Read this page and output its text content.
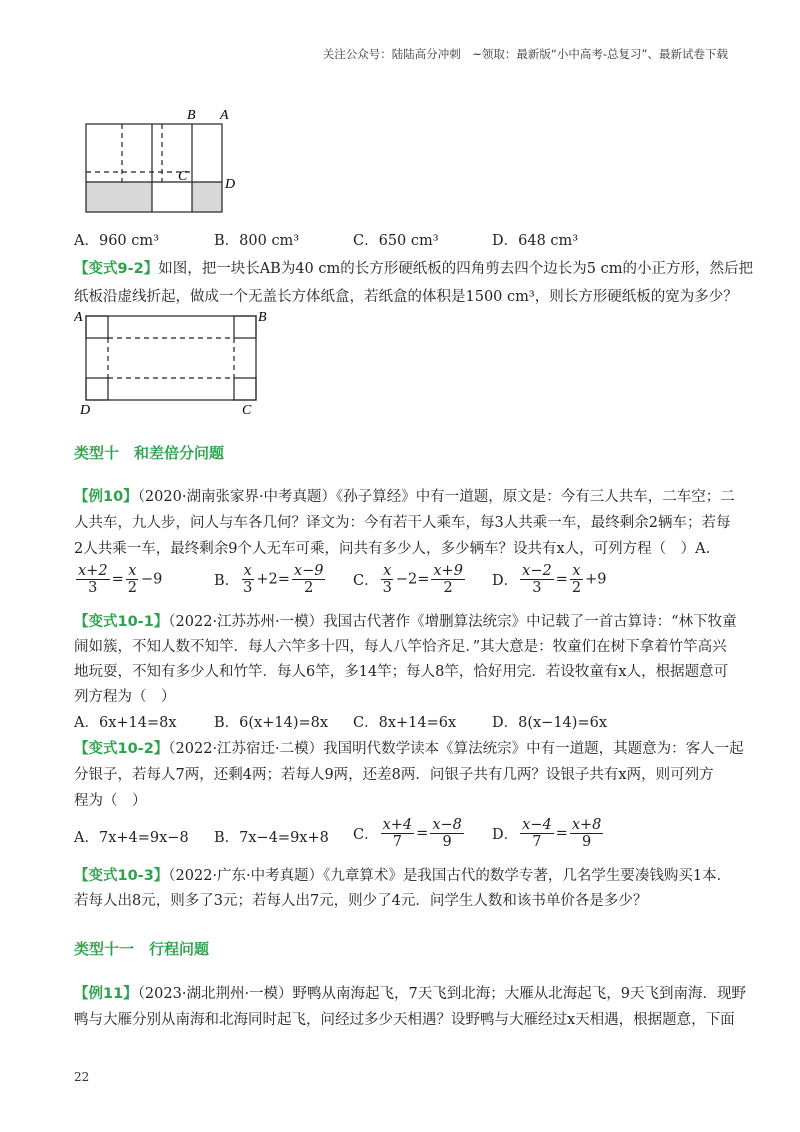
关注公众号：陆陆高分冲刺　~领取：最新版“小中高考-总复习”、最新试卷下载
B A
C
D
A．960 cm³	B．800 cm³	C．650 cm³	D．648 cm³
【变式9-2】如图，把一块长AB为40 cm的长方形硬纸板的四角剪去四个边长为5 cm的小正方形，然后把
纸板沿虚线折起，做成一个无盖长方体纸盒，若纸盒的体积是1500 cm³，则长方形硬纸板的宽为多少？
A	B
C
D
类型十　和差倍分问题
【例10】（2020·湖南张家界·中考真题）《孙子算经》中有一道题，原文是：今有三人共车，二车空；二
人共车，九人步，问人与车各几何？译文为：今有若干人乘车，每3人共乘一车，最终剩余2辆车；若每
2人共乘一车，最终剩余9个人无车可乘，问共有多少人，多少辆车？设共有x人，可列方程（　）A.
$\frac{x+2}{3} = \frac{x}{2} -9$	B． $\frac{x}{3} +2= \frac{x-9}{2}$ C． $\frac{x}{3} -2= \frac{x+9}{2}$ D． $\frac{x-2}{3} = \frac{x}{2} +9$
【变式10-1】（2022·江苏苏州·一模）我国古代著作《增删算法统宗》中记载了一首古算诗：“林下牧童
闹如簇，不知人数不知竿．每人六竿多十四，每人八竿恰齐足．”其大意是：牧童们在树下拿着竹竿高兴
地玩耍，不知有多少人和竹竿．每人6竿，多14竿；每人8竿，恰好用完．若设牧童有x人，根据题意可
列方程为（　）
A．6x+14=8x	B．6(x+14)=8x C．8x+14=6x D．8(x−14)=6x
【变式10-2】（2022·江苏宿迁·二模）我国明代数学读本《算法统宗》中有一道题，其题意为：客人一起
分银子，若每人7两，还剩4两；若每人9两，还差8两．问银子共有几两？设银子共有x两，则可列方
程为（　）
A．7x+4=9x−8 B．7x−4=9x+8 C． $\frac{x+4}{7} = \frac{x-8}{9}$ D． $\frac{x-4}{7} = \frac{x+8}{9}$
【变式10-3】（2022·广东·中考真题）《九章算术》是我国古代的数学专著，几名学生要凑钱购买1本．
若每人出8元，则多了3元；若每人出7元，则少了4元．问学生人数和该书单价各是多少？
类型十一　行程问题
【例11】（2023·湖北荆州·一模）野鸭从南海起飞，7天飞到北海；大雁从北海起飞，9天飞到南海．现野
鸭与大雁分别从南海和北海同时起飞，问经过多少天相遇？设野鸭与大雁经过x天相遇，根据题意，下面
22
